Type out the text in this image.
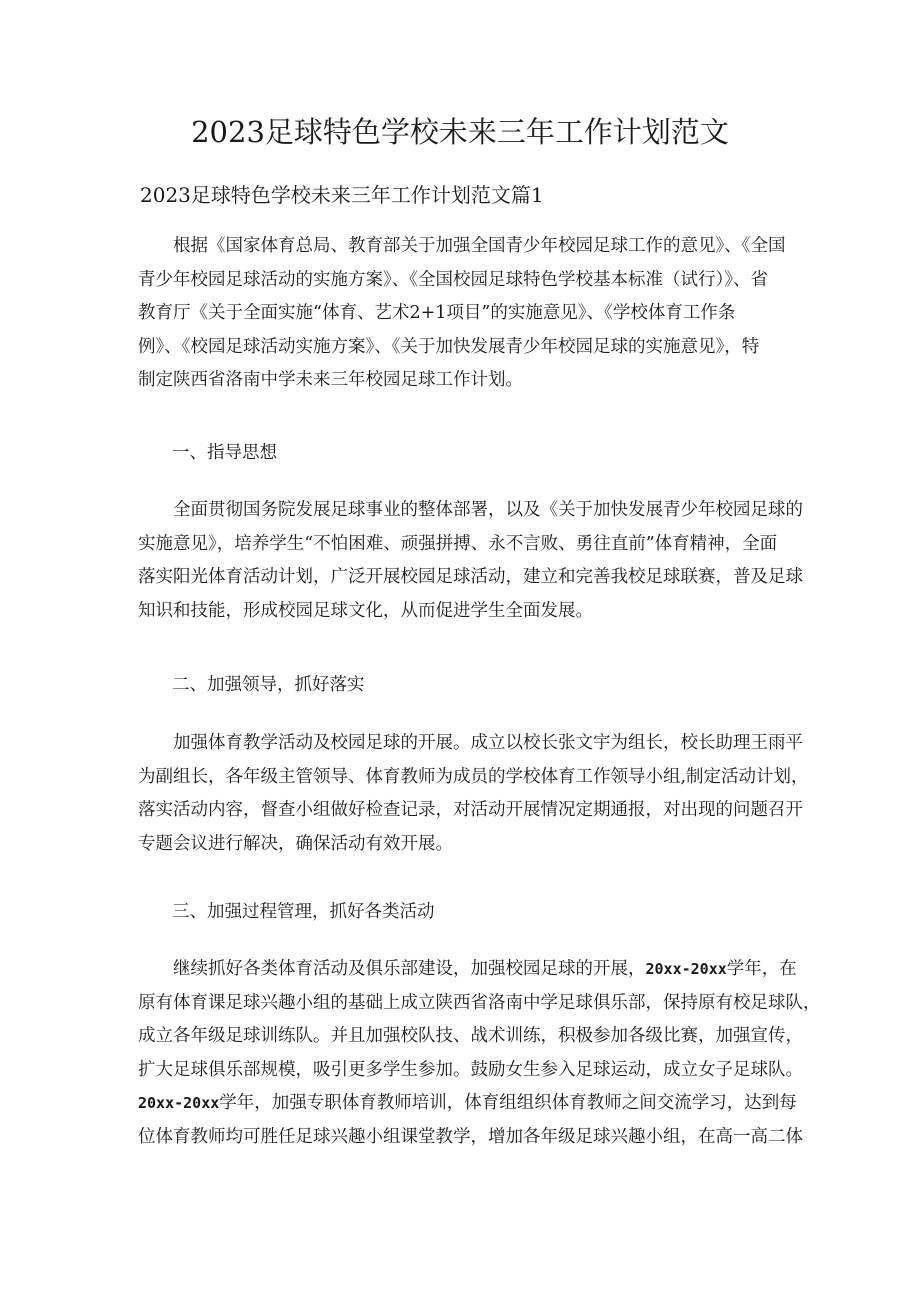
2023足球特色学校未来三年工作计划范文
2023足球特色学校未来三年工作计划范文篇1
根据《国家体育总局、教育部关于加强全国青少年校园足球工作的意见》、《全国
青少年校园足球活动的实施方案》、《全国校园足球特色学校基本标准（试行）》、省
教育厅《关于全面实施“体育、艺术2+1项目”的实施意见》、《学校体育工作条
例》、《校园足球活动实施方案》、《关于加快发展青少年校园足球的实施意见》，特
制定陕西省洛南中学未来三年校园足球工作计划。

一、指导思想

全面贯彻国务院发展足球事业的整体部署，以及《关于加快发展青少年校园足球的
实施意见》，培养学生“不怕困难、顽强拼搏、永不言败、勇往直前”体育精神，全面
落实阳光体育活动计划，广泛开展校园足球活动，建立和完善我校足球联赛，普及足球
知识和技能，形成校园足球文化，从而促进学生全面发展。

二、加强领导，抓好落实

加强体育教学活动及校园足球的开展。成立以校长张文宇为组长，校长助理王雨平
为副组长，各年级主管领导、体育教师为成员的学校体育工作领导小组,制定活动计划，
落实活动内容，督查小组做好检查记录，对活动开展情况定期通报，对出现的问题召开
专题会议进行解决，确保活动有效开展。

三、加强过程管理，抓好各类活动

继续抓好各类体育活动及俱乐部建设，加强校园足球的开展，20xx-20xx学年，在
原有体育课足球兴趣小组的基础上成立陕西省洛南中学足球俱乐部，保持原有校足球队，
成立各年级足球训练队。并且加强校队技、战术训练，积极参加各级比赛，加强宣传，
扩大足球俱乐部规模，吸引更多学生参加。鼓励女生参入足球运动，成立女子足球队。
20xx-20xx学年，加强专职体育教师培训，体育组组织体育教师之间交流学习，达到每
位体育教师均可胜任足球兴趣小组课堂教学，增加各年级足球兴趣小组，在高一高二体
